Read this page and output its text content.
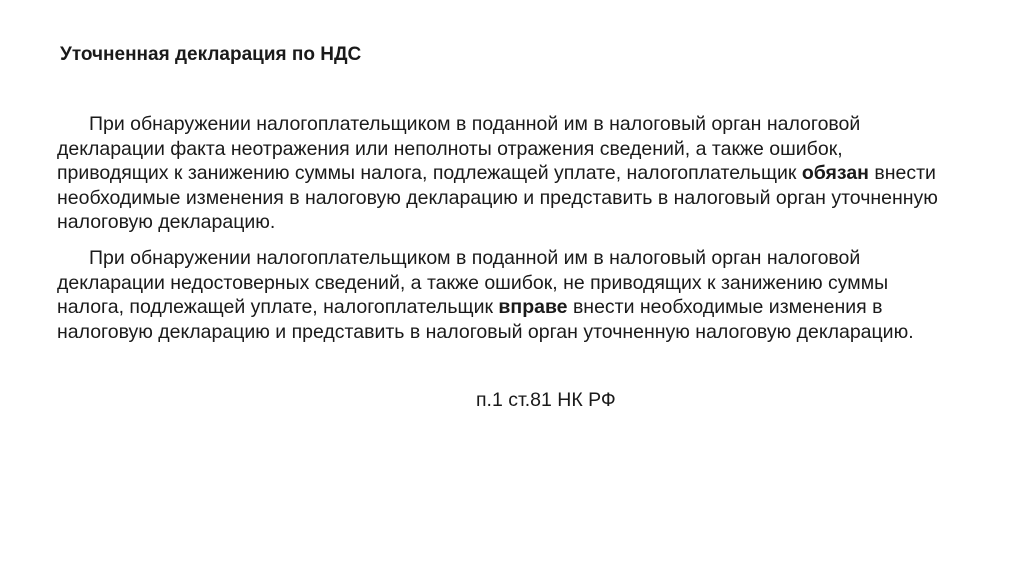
Уточненная декларация по НДС

При обнаружении налогоплательщиком в поданной им в налоговый орган налоговой декларации факта неотражения или неполноты отражения сведений, а также ошибок, приводящих к занижению суммы налога, подлежащей уплате, налогоплательщик обязан внести необходимые изменения в налоговую декларацию и представить в налоговый орган уточненную налоговую декларацию.

При обнаружении налогоплательщиком в поданной им в налоговый орган налоговой декларации недостоверных сведений, а также ошибок, не приводящих к занижению суммы налога, подлежащей уплате, налогоплательщик вправе внести необходимые изменения в налоговую декларацию и представить в налоговый орган уточненную налоговую декларацию.

п.1 ст.81 НК РФ
